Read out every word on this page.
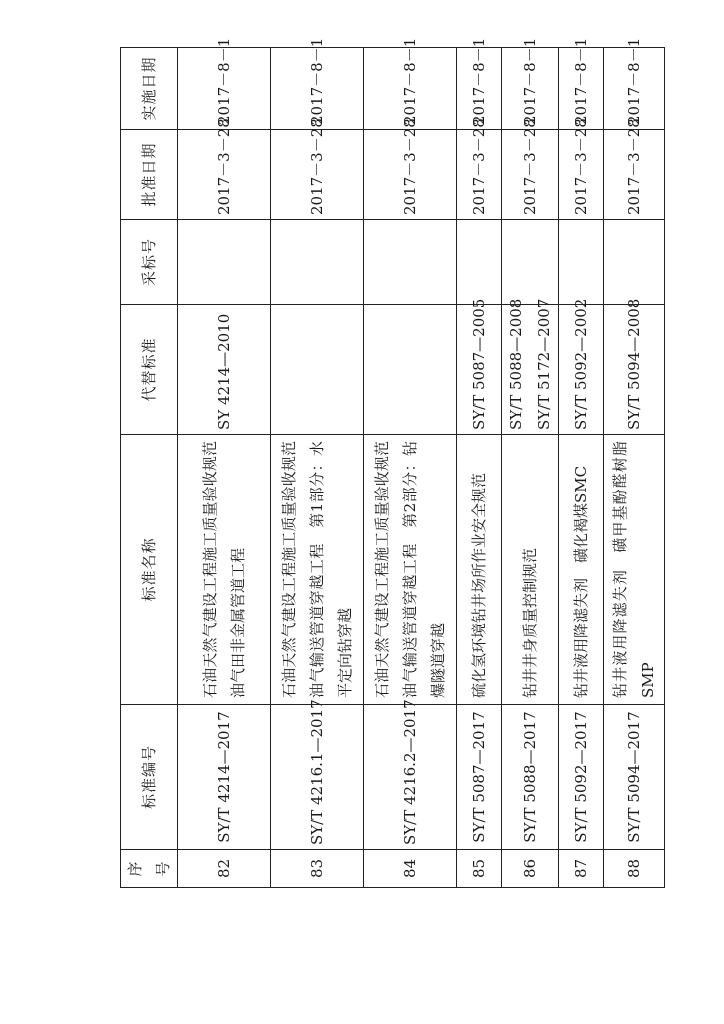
序号	标准编号	标准名称	代替标准	采标号	批准日期	实施日期
82	SY/T 4214—2017	石油天然气建设工程施工质量验收规范　油气田非金属管道工程	SY 4214—2010		2017－3－28	2017－8－1
83	SY/T 4216.1—2017	石油天然气建设工程施工质量验收规范　油气输送管道穿越工程　第1部分：水平定向钻穿越			2017－3－28	2017－8－1
84	SY/T 4216.2—2017	石油天然气建设工程施工质量验收规范　油气输送管道穿越工程　第2部分：钻爆隧道穿越			2017－3－28	2017－8－1
85	SY/T 5087—2017	硫化氢环境钻井场所作业安全规范	SY/T 5087—2005		2017－3－28	2017－8－1
86	SY/T 5088—2017	钻井井身质量控制规范	SY/T 5088—2008 SY/T 5172—2007		2017－3－28	2017－8－1
87	SY/T 5092—2017	钻井液用降滤失剂　磺化褐煤SMC	SY/T 5092—2002		2017－3－28	2017－8－1
88	SY/T 5094—2017	钻井液用降滤失剂　磺甲基酚醛树脂SMP	SY/T 5094—2008		2017－3－28	2017－8－1
